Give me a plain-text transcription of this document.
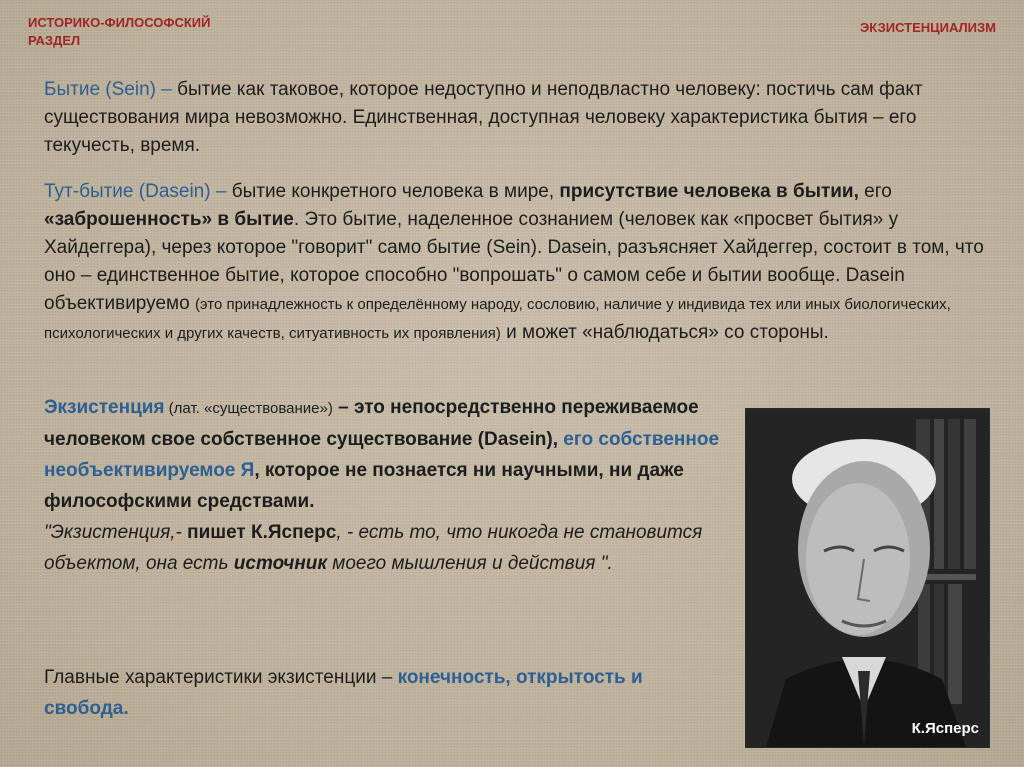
ИСТОРИКО-ФИЛОСОФСКИЙ РАЗДЕЛ
ЭКЗИСТЕНЦИАЛИЗМ
Бытие (Sein) – бытие как таковое, которое недоступно и неподвластно человеку: постичь сам факт существования мира невозможно. Единственная, доступная человеку характеристика бытия – его текучесть, время.
Тут-бытие (Dasein) – бытие конкретного человека в мире, присутствие человека в бытии, его «заброшенность» в бытие. Это бытие, наделенное сознанием (человек как «просвет бытия» у Хайдеггера), через которое "говорит" само бытие (Sein). Dasein, разъясняет Хайдеггер, состоит в том, что оно – единственное бытие, которое способно "вопрошать" о самом себе и бытии вообще. Dasein объективируемо (это принадлежность к определённому народу, сословию, наличие у индивида тех или иных биологических, психологических и других качеств, ситуативность их проявления) и может «наблюдаться» со стороны.
Экзистенция (лат. «существование») – это непосредственно переживаемое человеком свое собственное существование (Dasein), его собственное необъективируемое Я, которое не познается ни научными, ни даже философскими средствами.
"Экзистенция,- пишет К.Ясперс, - есть то, что никогда не становится объектом, она есть источник моего мышления и действия ".
Главные характеристики экзистенции – конечность, открытость и свобода.
К.Ясперс
